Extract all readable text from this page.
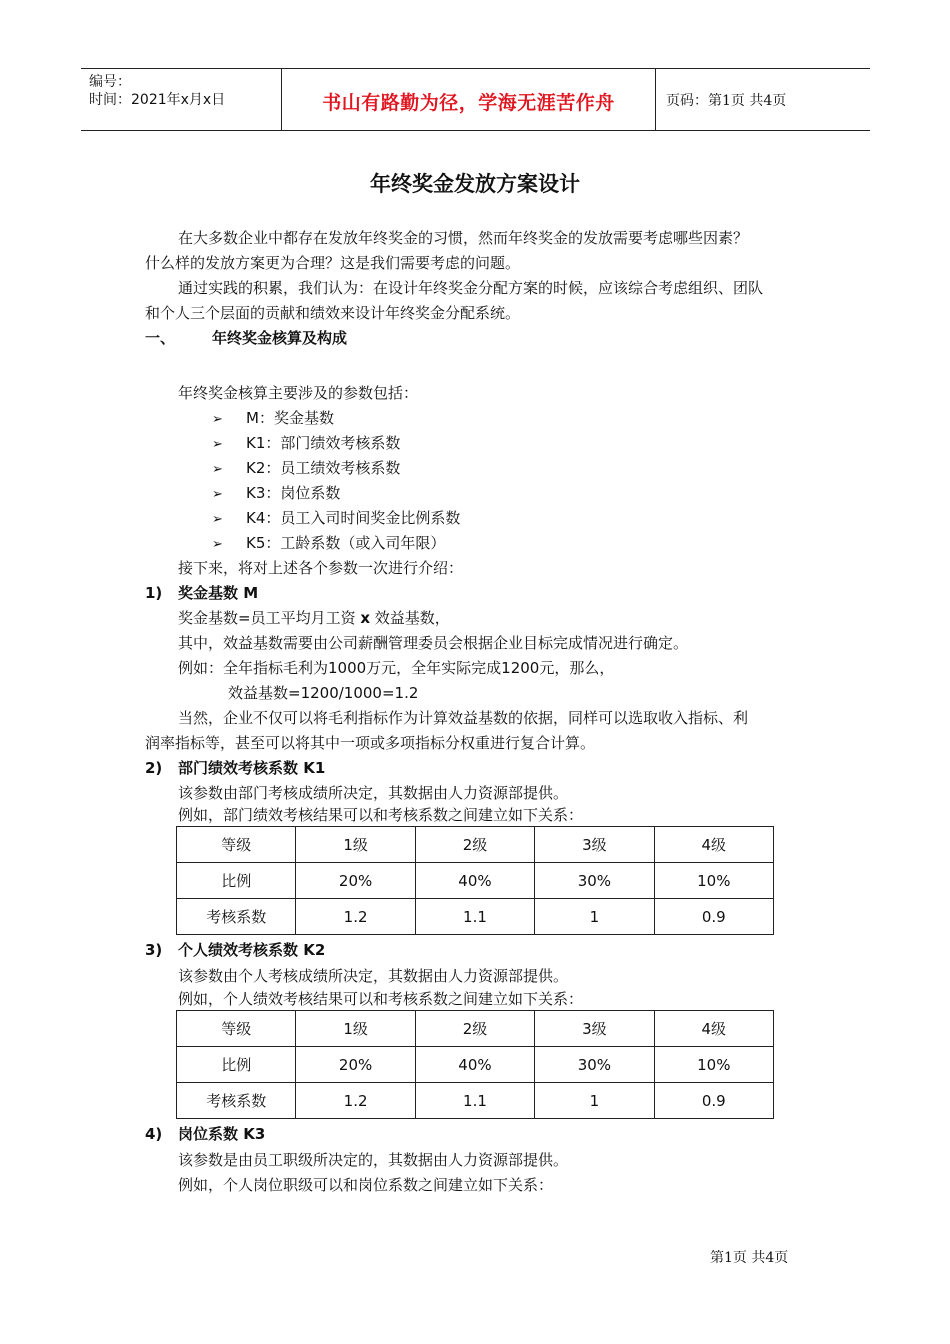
编号：
时间：2021年x月x日	书山有路勤为径，学海无涯苦作舟	页码：第1页 共4页
年终奖金发放方案设计
在大多数企业中都存在发放年终奖金的习惯，然而年终奖金的发放需要考虑哪些因素？
什么样的发放方案更为合理？这是我们需要考虑的问题。
通过实践的积累，我们认为：在设计年终奖金分配方案的时候，应该综合考虑组织、团队
和个人三个层面的贡献和绩效来设计年终奖金分配系统。
一、 年终奖金核算及构成
年终奖金核算主要涉及的参数包括：
➢ M：奖金基数
➢ K1：部门绩效考核系数
➢ K2：员工绩效考核系数
➢ K3：岗位系数
➢ K4：员工入司时间奖金比例系数
➢ K5：工龄系数（或入司年限）
接下来，将对上述各个参数一次进行介绍：
1) 奖金基数 M
奖金基数=员工平均月工资 x 效益基数，
其中，效益基数需要由公司薪酬管理委员会根据企业目标完成情况进行确定。
例如：全年指标毛利为1000万元，全年实际完成1200元，那么，
效益基数=1200/1000=1.2
当然，企业不仅可以将毛利指标作为计算效益基数的依据，同样可以选取收入指标、利
润率指标等，甚至可以将其中一项或多项指标分权重进行复合计算。
2) 部门绩效考核系数 K1
该参数由部门考核成绩所决定，其数据由人力资源部提供。
例如，部门绩效考核结果可以和考核系数之间建立如下关系：
等级	1级	2级	3级	4级
比例	20%	40%	30%	10%
考核系数	1.2	1.1	1	0.9
3) 个人绩效考核系数 K2
该参数由个人考核成绩所决定，其数据由人力资源部提供。
例如，个人绩效考核结果可以和考核系数之间建立如下关系：
等级	1级	2级	3级	4级
比例	20%	40%	30%	10%
考核系数	1.2	1.1	1	0.9
4) 岗位系数 K3
该参数是由员工职级所决定的，其数据由人力资源部提供。
例如，个人岗位职级可以和岗位系数之间建立如下关系：
第1页 共4页
